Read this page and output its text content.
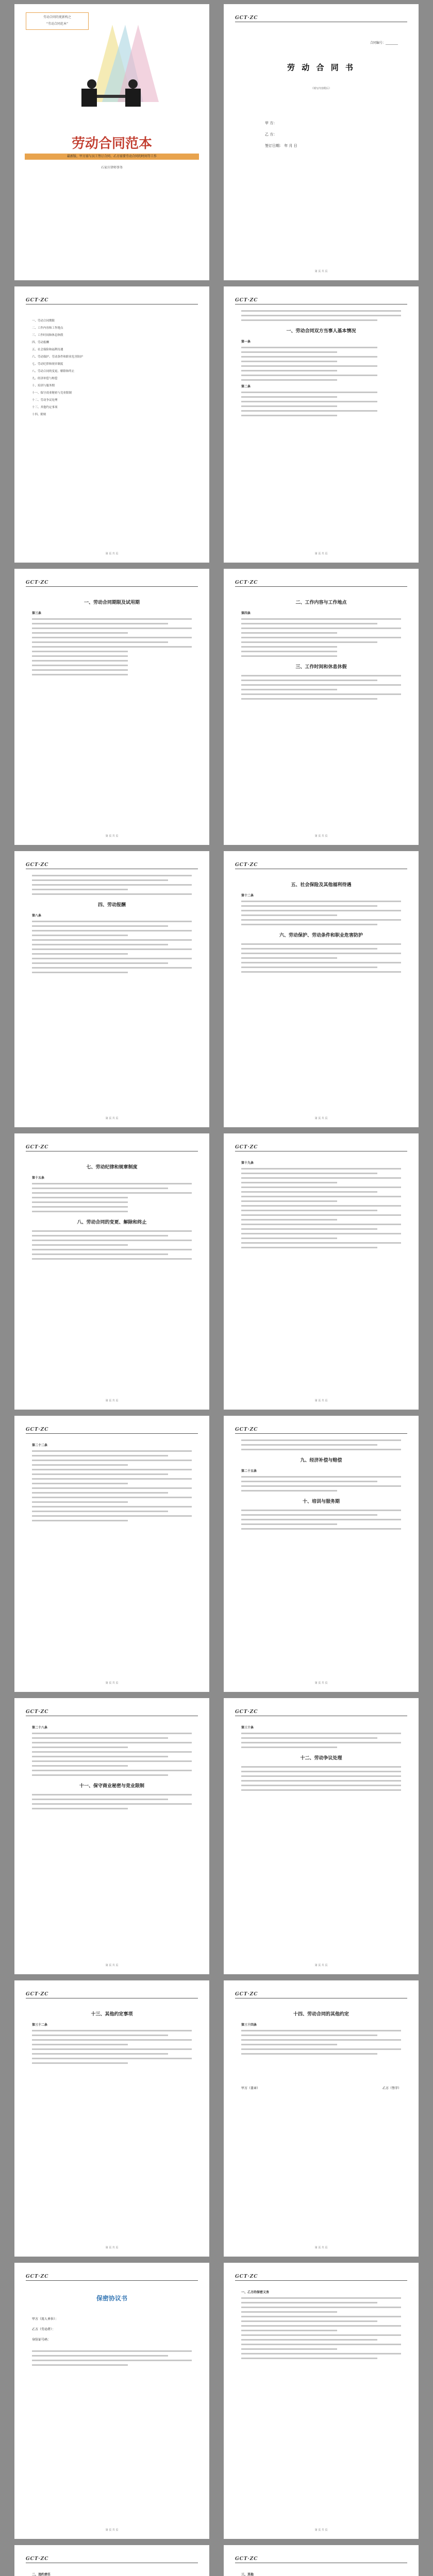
劳动合同的更新构之
“劳动合同范本”
劳动合同范本
最新版、甲方需与员工签订合同、乙方需要劳动合同的时间等工作
石家庄律师事务
GCT·ZC
合同编号：________
劳 动 合 同 书
（填写内容附后）
甲 方：
乙 方：
签订日期： 年 月 日
第 页 共 页
GCT·ZC
一、劳动合同期限
二、工作内容和工作地点
三、工作时间和休息休假
四、劳动报酬
五、社会保险和福利待遇
六、劳动保护、劳动条件和职业危害防护
七、劳动纪律和规章制度
八、劳动合同的变更、解除和终止
九、经济补偿与赔偿
十、培训与服务期
十一、保守商业秘密与竞业限制
十二、劳动争议处理
十三、其他约定事项
十四、附则
第 页 共 页
GCT·ZC
一、劳动合同双方当事人基本情况
第一条
第二条
第 页 共 页
GCT·ZC
一、劳动合同期限及试用期
第三条
第 页 共 页
GCT·ZC
二、工作内容与工作地点
第四条
三、工作时间和休息休假
第 页 共 页
GCT·ZC
四、劳动报酬
第八条
第 页 共 页
GCT·ZC
五、社会保险及其他福利待遇
第十二条
六、劳动保护、劳动条件和职业危害防护
第 页 共 页
GCT·ZC
七、劳动纪律和规章制度
第十五条
八、劳动合同的变更、解除和终止
第 页 共 页
GCT·ZC
第十九条
第 页 共 页
GCT·ZC
第二十二条
第 页 共 页
GCT·ZC
九、经济补偿与赔偿
第二十五条
十、培训与服务期
第 页 共 页
GCT·ZC
第二十八条
十一、保守商业秘密与竞业限制
第 页 共 页
GCT·ZC
第三十条
十二、劳动争议处理
第 页 共 页
GCT·ZC
十三、其他约定事项
第三十二条
第 页 共 页
GCT·ZC
十四、劳动合同的其他约定
第三十四条
甲方（盖章）	乙方（签字）
第 页 共 页
GCT·ZC
保密协议书
甲方（用人单位）：
乙方（劳动者）：
身份证号码：
第 页 共 页
GCT·ZC
一、乙方的保密义务
第 页 共 页
GCT·ZC
二、违约责任
GCT·ZC
三、其他
